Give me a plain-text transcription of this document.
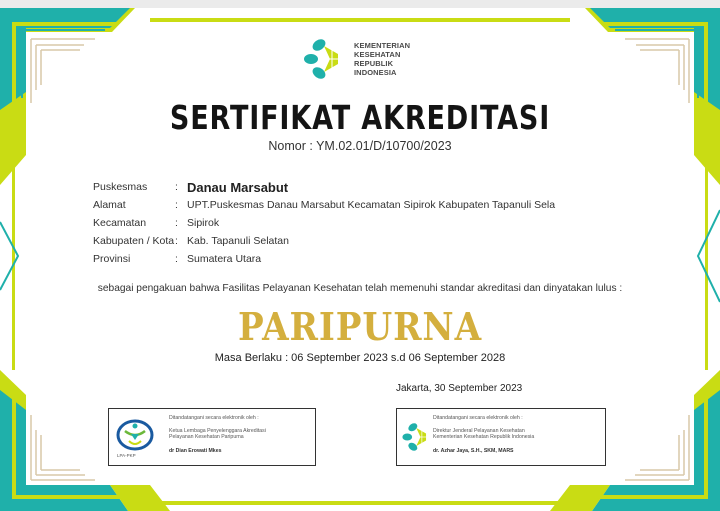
KEMENTERIAN
KESEHATAN
REPUBLIK
INDONESIA
SERTIFIKAT AKREDITASI
Nomor : YM.02.01/D/10700/2023
Puskesmas	: Danau Marsabut
Alamat	: UPT.Puskesmas Danau Marsabut Kecamatan Sipirok Kabupaten Tapanuli Sela
Kecamatan	: Sipirok
Kabupaten / Kota : Kab. Tapanuli Selatan
Provinsi	: Sumatera Utara
sebagai pengakuan bahwa Fasilitas Pelayanan Kesehatan telah memenuhi standar akreditasi dan dinyatakan lulus :
PARIPURNA
Masa Berlaku : 06 September 2023 s.d 06 September 2028
Jakarta, 30 September 2023
LPA-PKP
Ditandatangani secara elektronik oleh :
Ketua Lembaga Penyelenggara Akreditasi
Pelayanan Kesehatan Paripurna
dr Dian Erowati Mkes
Ditandatangani secara elektronik oleh :
Direktur Jenderal Pelayanan Kesehatan
Kementerian Kesehatan Republik Indonesia
dr. Azhar Jaya, S.H., SKM, MARS
